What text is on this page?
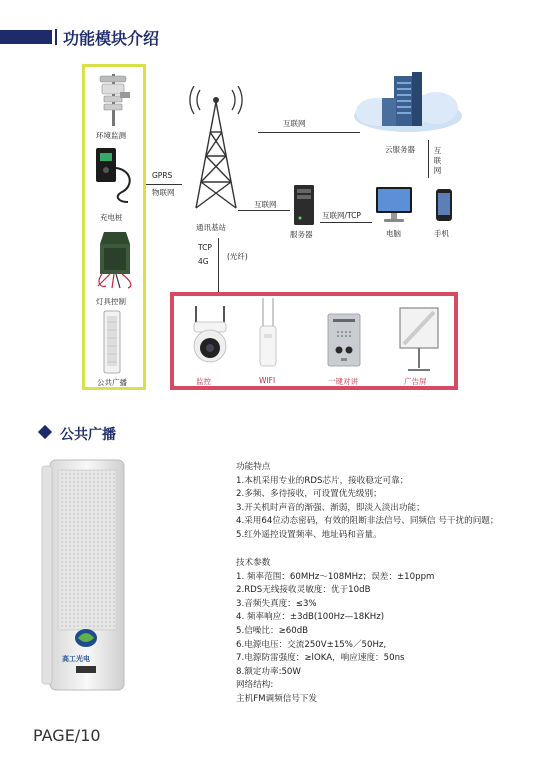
功能模块介绍
环境监测
充电桩
灯具控制
公共广播
GPRS
物联网
通讯基站
互联网
云服务器	互联网
互联网
服务器
互联网/TCP
电脑	手机
TCP
4G
(光纤)
监控	WIFI	一键对讲	广告屏
公共广播
高工光电
功能特点
1.本机采用专业的RDS芯片，接收稳定可靠；
2.多频、多待接收，可设置优先级别；
3.开关机时声音的渐强、渐弱，即淡入淡出功能；
4.采用64位动态密码，有效的阻断非法信号、同频信 号干扰的问题；
5.红外遥控设置频率、地址码和音量。
技术参数
1. 频率范围：60MHz～108MHz；误差：±10ppm
2.RDS无线接收灵敏度：优于10dB
3.音频失真度：≤3%
4. 频率响应：±3dB(100Hz—18KHz)
5.信噪比：≥60dB
6.电源电压：交流250V±15%／50Hz,
7.电源防雷强度：≥lOKA，响应速度：50ns
8.额定功率:50W
网络结构:
主机FM调频信号下发
PAGE/10
